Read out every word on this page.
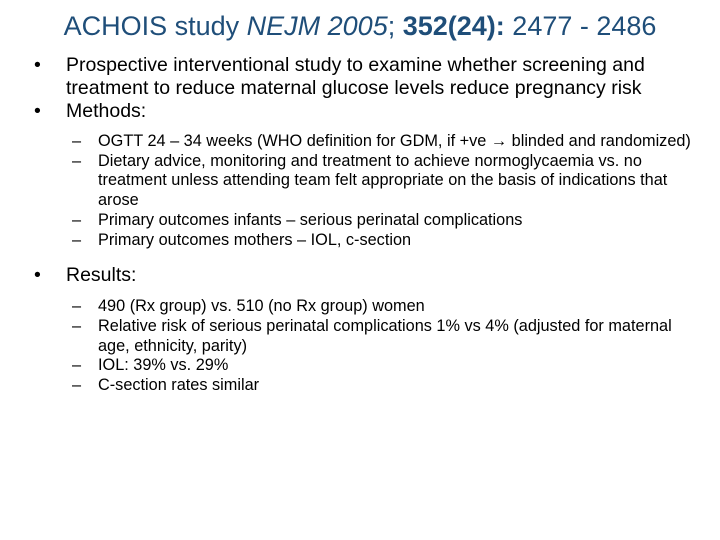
ACHOIS study NEJM 2005; 352(24): 2477 - 2486
• Prospective interventional study to examine whether screening and treatment to reduce maternal glucose levels reduce pregnancy risk
• Methods:
– OGTT 24 – 34 weeks (WHO definition for GDM, if +ve → blinded and randomized)
– Dietary advice, monitoring and treatment to achieve normoglycaemia vs. no treatment unless attending team felt appropriate on the basis of indications that arose
– Primary outcomes infants – serious perinatal complications
– Primary outcomes mothers – IOL, c-section
• Results:
– 490 (Rx group) vs. 510 (no Rx group) women
– Relative risk of serious perinatal complications 1% vs 4% (adjusted for maternal age, ethnicity, parity)
– IOL: 39% vs. 29%
– C-section rates similar
